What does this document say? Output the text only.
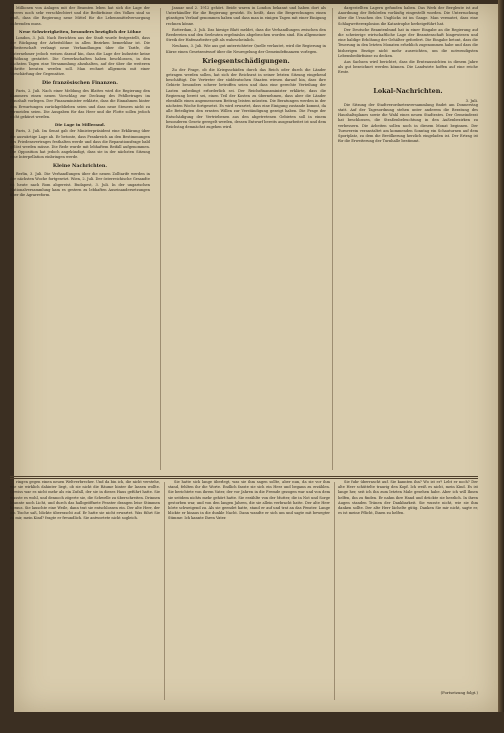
Millionen von Anlagen mit der Beamten leben hat sich die Lage der Heeres noch sehr verschlechtert und die Bedürfnisse des Volkes sind so groß, dass die Regierung neue Mittel für die Lebensmittelversorgung aufwenden muss.

Neue Schwierigkeiten, besonders bezüglich der Löhne

London, 3. Juli. Nach Berichten aus der Stadt wurde festgestellt, dass der Rückgang der Arbeitslöhne in allen Bezirken bemerkbar ist. Die Arbeiterschaft verlangt neue Verhandlungen über die Tarife, die Unternehmer jedoch weisen darauf hin, dass die Lage der Industrie keine Erhöhung gestattet. Die Gewerkschaften haben beschlossen, in den nächsten Tagen eine Versammlung abzuhalten, auf der über die weiteren Schritte beraten werden soll. Man rechnet allgemein mit einer Verschärfung der Gegensätze.

Die französischen Finanzen.

Paris, 2. Juli. Nach einer Meldung des Blattes wird die Regierung den Kammern einen neuen Vorschlag zur Deckung des Fehlbetrages im Haushalt vorlegen. Der Finanzminister erklärte, dass die Einnahmen hinter den Erwartungen zurückgeblieben seien und dass neue Steuern nicht zu vermeiden seien. Die Ausgaben für das Heer und die Flotte sollen jedoch nicht gekürzt werden.

Die Lage in Millerand.

Paris, 3. Juli. Im Senat gab der Ministerpräsident eine Erklärung über die auswärtige Lage ab. Er betonte, dass Frankreich an den Bestimmungen des Friedensvertrages festhalten werde und dass die Reparationsfrage bald gelöst werden müsse. Die Rede wurde mit lebhaftem Beifall aufgenommen. Die Opposition hat jedoch angekündigt, dass sie in der nächsten Sitzung eine Interpellation einbringen werde.

Kleine Nachrichten.

Berlin, 3. Juli. Die Verhandlungen über die neuen Zolltarife werden in der nächsten Woche fortgesetzt. Wien, 2. Juli. Der österreichische Gesandte ist heute nach Rom abgereist. Budapest, 3. Juli. In der ungarischen Nationalversammlung kam es gestern zu lebhaften Auseinandersetzungen über die Agrarreform.

Januar und 2. 1912 gehört. Beide waren in London bekannt und haben dort als Unterhändler für die Regierung gewirkt. Es heißt, dass die Besprechungen einen günstigen Verlauf genommen haben und dass man in einigen Tagen mit einer Einigung rechnen könne.

Rotterdam, 3. Juli. Das hiesige Blatt meldet, dass die Verhandlungen zwischen den Reedereien und den Seeleuten ergebnislos abgebrochen worden sind. Ein allgemeiner Streik der Hafenarbeiter gilt als wahrscheinlich.

Neuhaus, 3. Juli. Wie aus gut unterrichteter Quelle verlautet, wird die Regierung in Kürze einen Gesetzentwurf über die Neuregelung der Gemeindefinanzen vorlegen.

Kriegsentschädigungen.

Zu der Frage, ob die Kriegsschäden durch das Reich oder durch die Länder getragen werden sollen, hat sich der Reichsrat in seiner letzten Sitzung eingehend beschäftigt. Die Vertreter der süddeutschen Staaten wiesen darauf hin, dass ihre Gebiete besonders schwer betroffen seien und dass eine gerechte Verteilung der Lasten unbedingt erforderlich sei. Der Reichsfinanzminister erklärte, dass die Regierung bereit sei, einen Teil der Kosten zu übernehmen, dass aber die Länder ebenfalls einen angemessenen Beitrag leisten müssten. Die Beratungen werden in der nächsten Woche fortgesetzt. Es wird erwartet, dass eine Einigung zustande kommt, da alle Beteiligten den ernsten Willen zur Verständigung gezeigt haben. Die Frage der Entschädigung der Vertriebenen aus den abgetretenen Gebieten soll in einem besonderen Gesetz geregelt werden, dessen Entwurf bereits ausgearbeitet ist und dem Reichstag demnächst zugehen wird.

dargestellten Lagern gefunden haben. Das Werk der Bergleute ist auf Anordnung der Behörden vorläufig eingestellt worden. Die Untersuchung über die Ursachen des Unglücks ist im Gange. Man vermutet, dass eine Schlagwetterexplosion die Katastrophe herbeigeführt hat.

Der Deutsche Beamtenbund hat in einer Eingabe an die Regierung auf die schwierige wirtschaftliche Lage der Beamtenschaft hingewiesen und eine baldige Erhöhung der Gehälter gefordert. Die Eingabe betont, dass die Teuerung in den letzten Monaten erheblich zugenommen habe und dass die bisherigen Bezüge nicht mehr ausreichten, um die notwendigsten Lebensbedürfnisse zu decken.

Aus Sachsen wird berichtet, dass die Ernteaussichten in diesem Jahre als gut bezeichnet werden können. Die Landwirte hoffen auf eine reiche Ernte.

Lokal-Nachrichten.
3. Juli.

Die Sitzung der Stadtverordnetenversammlung findet am Donnerstag statt. Auf der Tagesordnung stehen unter anderem die Beratung des Haushaltsplanes sowie die Wahl eines neuen Stadtrates. Der Gemeinderat hat beschlossen, die Straßenbeleuchtung in den Außenbezirken zu verbessern. Die Arbeiten sollen noch in diesem Monat beginnen. Der Turnverein veranstaltet am kommenden Sonntag ein Schauturnen auf dem Sportplatz, zu dem die Bevölkerung herzlich eingeladen ist. Der Ertrag ist für die Erweiterung der Turnhalle bestimmt.

ringen gegen einen neuen Weltverbrecher. Und da bin ich, die nicht verstehe, wie sie wirklich dahinter liegt, ob sie nicht die Räume hinter ihr lassen wollte. Gewiss war es nicht mehr als ein Zufall, der sie in dieses Haus geführt hatte. Sie wusste es wohl, und dennoch zögerte sie, die Schwelle zu überschreiten. Drinnen brannte noch Licht, und durch das halbgeöffnete Fenster drangen leise Stimmen heraus. Sie lauschte eine Weile, dann trat sie entschlossen ein. Der alte Herr, der am Tische saß, blickte überrascht auf. Er hatte sie nicht erwartet. Was führt Sie zu mir, mein Kind? fragte er freundlich. Sie antwortete nicht sogleich.

Sie hatte sich lange überlegt, was sie ihm sagen sollte, aber nun, da sie vor ihm stand, fehlten ihr die Worte. Endlich fasste sie sich ein Herz und begann zu erzählen. Sie berichtete von ihrem Vater, der vor Jahren in die Fremde gezogen war und von dem sie seitdem nichts mehr gehört hatte. Sie erzählte von der Mutter, die in Not und Sorge gestorben war, und von den langen Jahren, die sie allein verbracht hatte. Der alte Herr hörte schweigend zu. Als sie geendet hatte, stand er auf und trat an das Fenster. Lange blickte er hinaus in die dunkle Nacht. Dann wandte er sich um und sagte mit bewegter Stimme: Ich kannte Ihren Vater.

Sie fuhr überrascht auf. Sie kannten ihn? Wo ist er? Lebt er noch? Der alte Herr schüttelte traurig den Kopf. Ich weiß es nicht, mein Kind. Es ist lange her, seit ich ihn zum letzten Male gesehen habe. Aber ich will Ihnen helfen, ihn zu finden. Er nahm ihre Hand und drückte sie herzlich. In ihren Augen standen Tränen der Dankbarkeit. Sie wusste nicht, wie sie ihm danken sollte. Der alte Herr lächelte gütig. Danken Sie mir nicht, sagte er, es ist meine Pflicht, Ihnen zu helfen.

(Fortsetzung folgt.)
